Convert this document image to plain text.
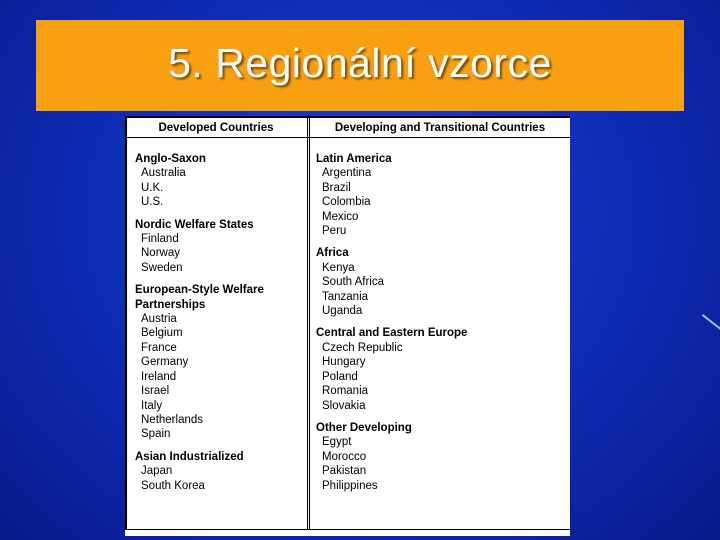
5. Regionální vzorce
Developed Countries	Developing and Transitional Countries
Anglo-Saxon
Australia
U.K.
U.S.
Nordic Welfare States
Finland
Norway
Sweden
European-Style Welfare Partnerships
Austria
Belgium
France
Germany
Ireland
Israel
Italy
Netherlands
Spain
Asian Industrialized
Japan
South Korea
Latin America
Argentina
Brazil
Colombia
Mexico
Peru
Africa
Kenya
South Africa
Tanzania
Uganda
Central and Eastern Europe
Czech Republic
Hungary
Poland
Romania
Slovakia
Other Developing
Egypt
Morocco
Pakistan
Philippines
